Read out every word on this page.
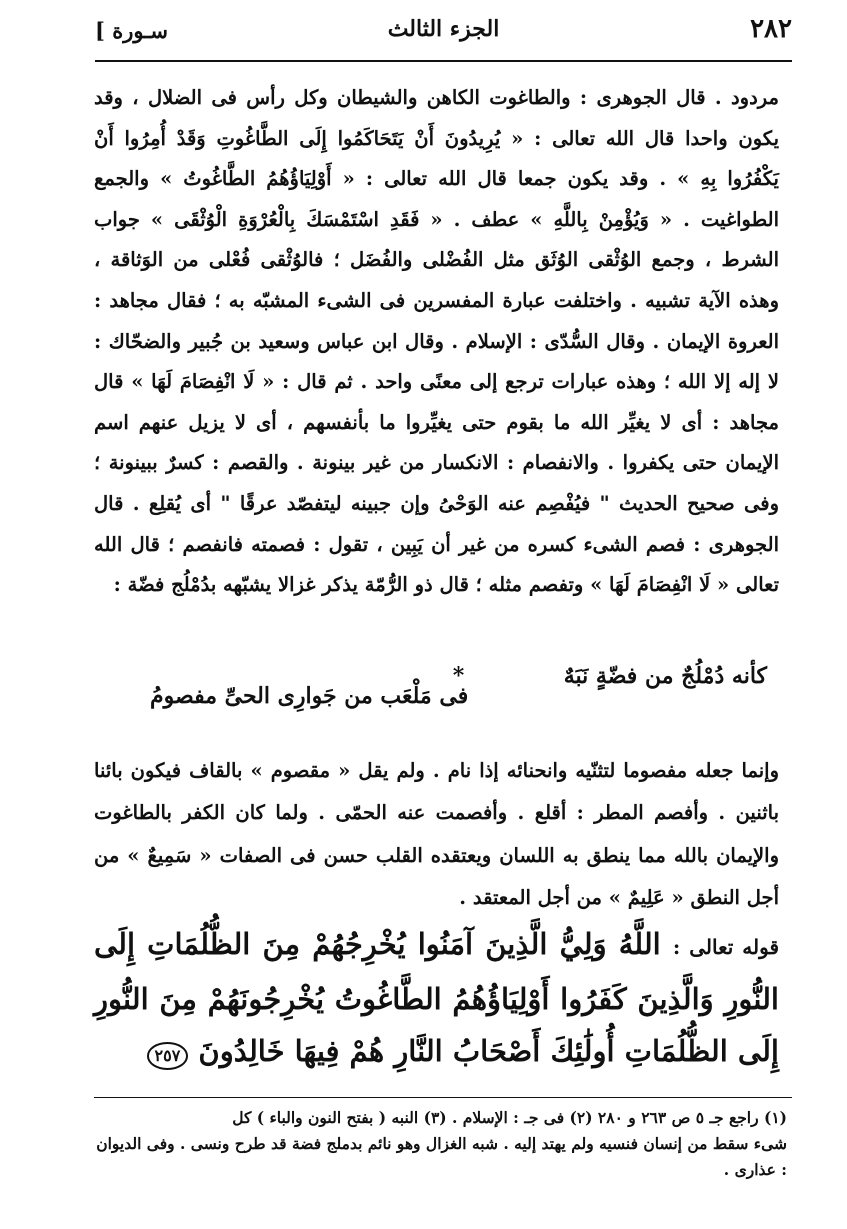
٢٨٢
الجزء الثالث
[ سـورة

مردود . قال الجوهرى : والطاغوت الكاهن والشيطان وكل رأس فى الضلال ، وقد يكون واحدا قال الله تعالى : « يُرِيدُونَ أَنْ يَتَحَاكَمُوا إِلَى الطَّاغُوتِ وَقَدْ أُمِرُوا أَنْ يَكْفُرُوا بِهِ » . وقد يكون جمعا قال الله تعالى : « أَوْلِيَاؤُهُمُ الطَّاغُوتُ » والجمع الطواغيت . « وَيُؤْمِنْ بِاللَّهِ » عطف . « فَقَدِ اسْتَمْسَكَ بِالْعُرْوَةِ الْوُثْقَى » جواب الشرط ، وجمع الوُثْقى الوُثَق مثل الفُضْلى والفُضَل ؛ فالوُثْقى فُعْلى من الوَثاقة ، وهذه الآية تشبيه . واختلفت عبارة المفسرين فى الشىء المشبّه به ؛ فقال مجاهد : العروة الإيمان . وقال السُّدّى : الإسلام . وقال ابن عباس وسعيد بن جُبير والضحّاك : لا إله إلا الله ؛ وهذه عبارات ترجع إلى معنًى واحد . ثم قال : « لَا انْفِصَامَ لَهَا » قال مجاهد : أى لا يغيِّر الله ما بقوم حتى يغيِّروا ما بأنفسهم ، أى لا يزيل عنهم اسم الإيمان حتى يكفروا . والانفصام : الانكسار من غير بينونة . والقصم : كسرٌ ببينونة ؛ وفى صحيح الحديث " فيُفْصِم عنه الوَحْىُ وإن جبينه ليتفصّد عرقًا " أى يُقلِع . قال الجوهرى : فصم الشىء كسره من غير أن يَبِين ، تقول : فصمته فانفصم ؛ قال الله تعالى « لَا انْفِصَامَ لَهَا » وتفصم مثله ؛ قال ذو الرُّمّة يذكر غزالا يشبّهه بدُمْلُج فضّة :

كأنه دُمْلُجٌ من فضّةٍ نَبَهٌ
*
فى مَلْعَب من جَوارِى الحىِّ مفصومُ

وإنما جعله مفصوما لتثنّيه وانحنائه إذا نام . ولم يقل « مقصوم » بالقاف فيكون بائنا باثنين . وأفصم المطر : أقلع . وأفصمت عنه الحمّى . ولما كان الكفر بالطاغوت والإيمان بالله مما ينطق به اللسان ويعتقده القلب حسن فى الصفات « سَمِيعٌ » من أجل النطق « عَلِيمٌ » من أجل المعتقد .

قوله تعالى : اللَّهُ وَلِيُّ الَّذِينَ آمَنُوا يُخْرِجُهُمْ مِنَ الظُّلُمَاتِ إِلَى النُّورِ وَالَّذِينَ كَفَرُوا أَوْلِيَاؤُهُمُ الطَّاغُوتُ يُخْرِجُونَهُمْ مِنَ النُّورِ إِلَى الظُّلُمَاتِ أُولَٰئِكَ أَصْحَابُ النَّارِ هُمْ فِيهَا خَالِدُونَ ٢٥٧

(١) راجع جـ ٥ ص ٢٦٣ و ٢٨٠ (٢) فى جـ : الإسلام . (٣) النبه ( بفتح النون والباء ) كل

شىء سقط من إنسان فنسيه ولم يهتد إليه . شبه الغزال وهو نائم بدملج فضة قد طرح ونسى . وفى الديوان : عذارى .
